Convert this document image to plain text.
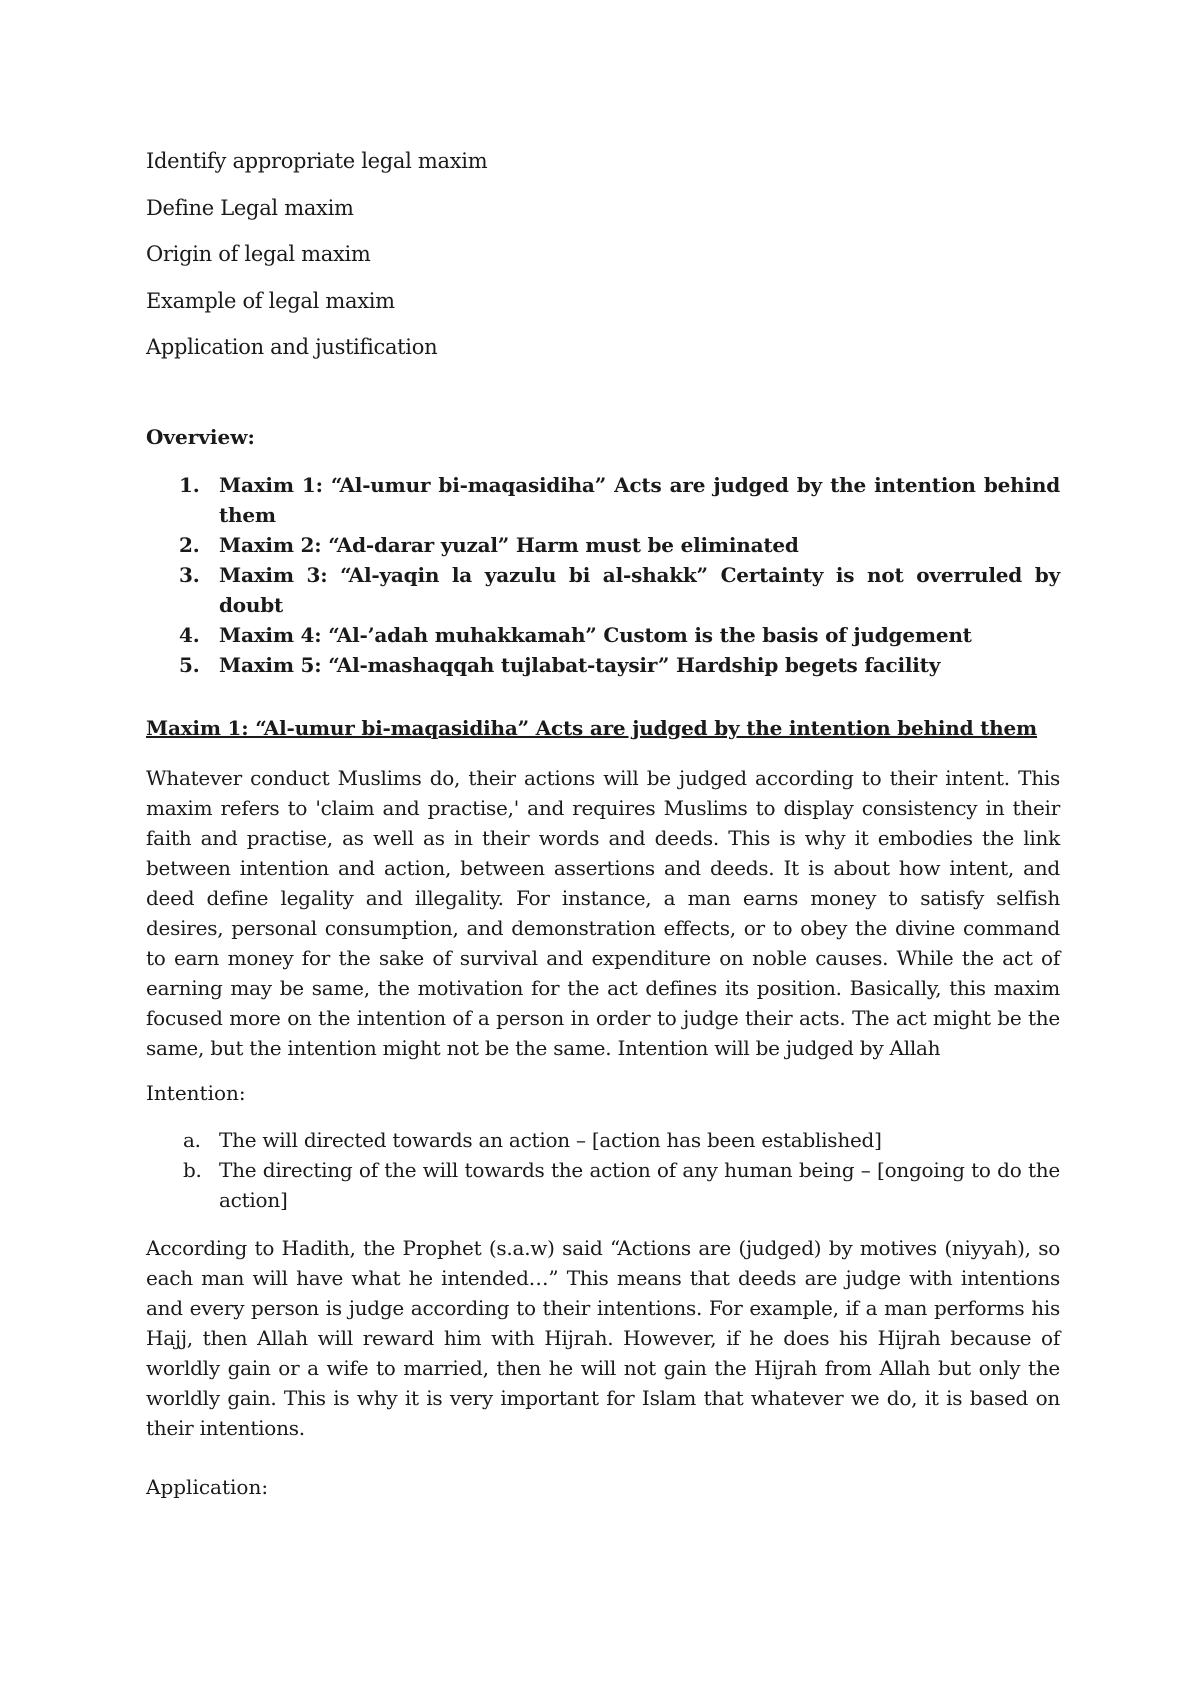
Identify appropriate legal maxim

Define Legal maxim

Origin of legal maxim

Example of legal maxim

Application and justification

Overview:

1. Maxim 1: “Al-umur bi-maqasidiha” Acts are judged by the intention behind them
2. Maxim 2: “Ad-darar yuzal” Harm must be eliminated
3. Maxim 3: “Al-yaqin la yazulu bi al-shakk” Certainty is not overruled by doubt
4. Maxim 4: “Al-’adah muhakkamah” Custom is the basis of judgement
5. Maxim 5: “Al-mashaqqah tujlabat-taysir” Hardship begets facility

Maxim 1: “Al-umur bi-maqasidiha” Acts are judged by the intention behind them

Whatever conduct Muslims do, their actions will be judged according to their intent. This maxim refers to 'claim and practise,' and requires Muslims to display consistency in their faith and practise, as well as in their words and deeds. This is why it embodies the link between intention and action, between assertions and deeds. It is about how intent, and deed define legality and illegality. For instance, a man earns money to satisfy selfish desires, personal consumption, and demonstration effects, or to obey the divine command to earn money for the sake of survival and expenditure on noble causes. While the act of earning may be same, the motivation for the act defines its position. Basically, this maxim focused more on the intention of a person in order to judge their acts. The act might be the same, but the intention might not be the same. Intention will be judged by Allah

Intention:

a. The will directed towards an action – [action has been established]
b. The directing of the will towards the action of any human being – [ongoing to do the action]

According to Hadith, the Prophet (s.a.w) said “Actions are (judged) by motives (niyyah), so each man will have what he intended…” This means that deeds are judge with intentions and every person is judge according to their intentions. For example, if a man performs his Hajj, then Allah will reward him with Hijrah. However, if he does his Hijrah because of worldly gain or a wife to married, then he will not gain the Hijrah from Allah but only the worldly gain. This is why it is very important for Islam that whatever we do, it is based on their intentions.

Application:
